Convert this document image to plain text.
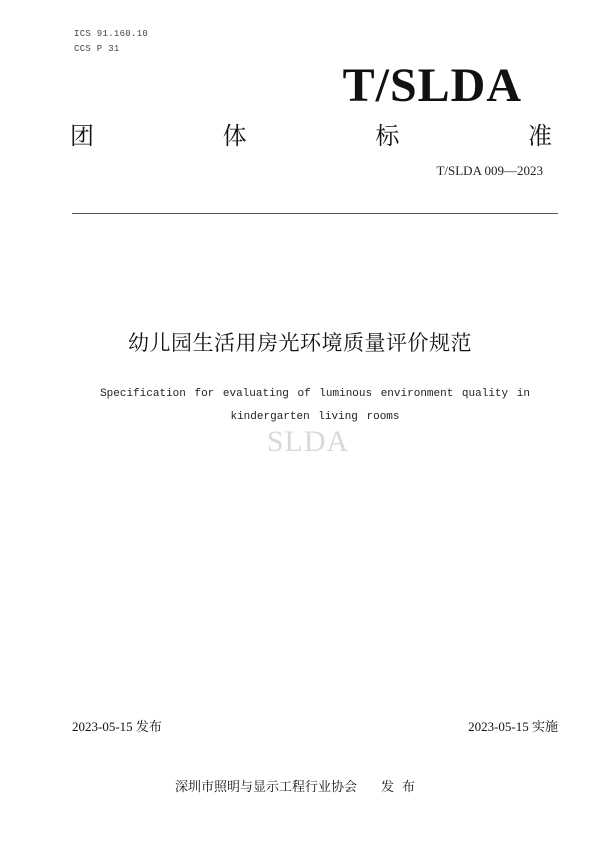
ICS 91.160.10
CCS P 31
T/SLDA
团	体	标	准
T/SLDA 009—2023
幼儿园生活用房光环境质量评价规范
Specification for evaluating of luminous environment quality in
kindergarten living rooms
SLDA
2023-05-15 发布	2023-05-15 实施
深圳市照明与显示工程行业协会 发布
